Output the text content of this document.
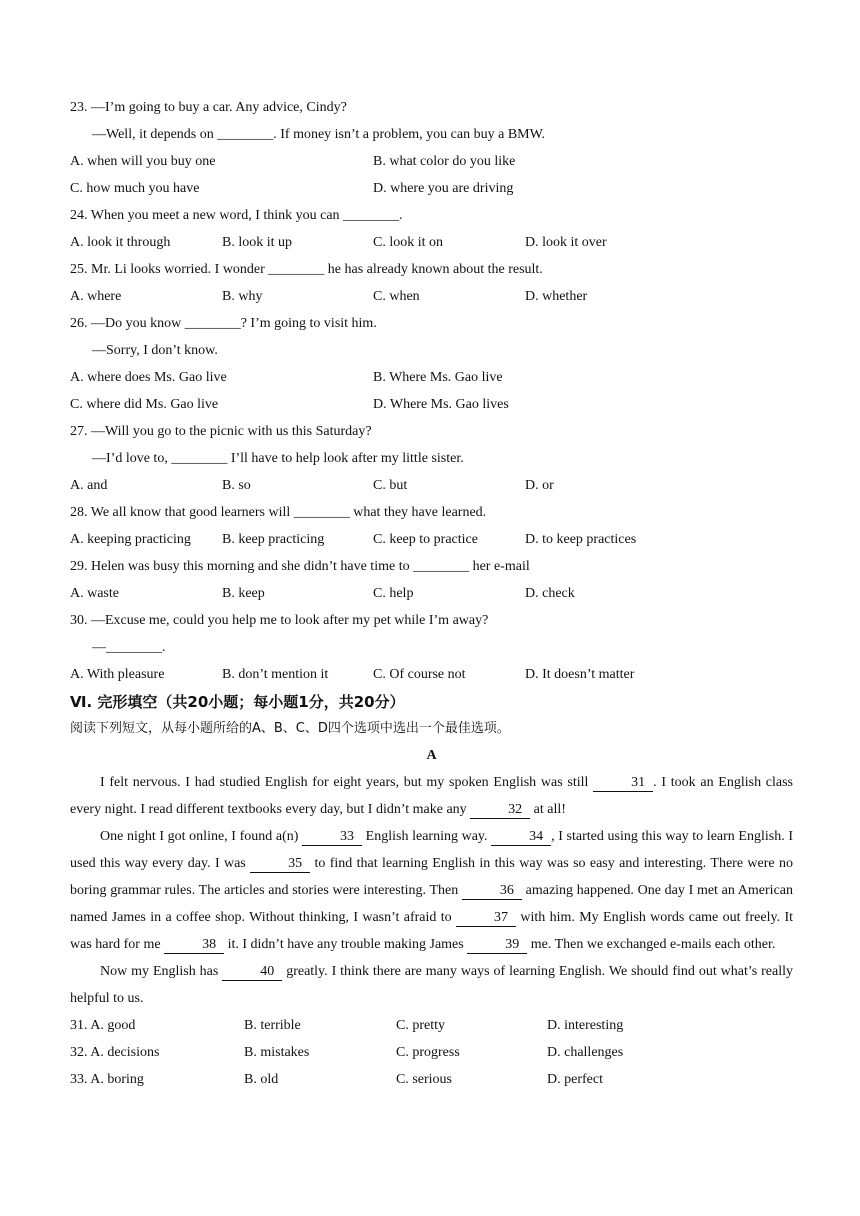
23. —I’m going to buy a car. Any advice, Cindy?
—Well, it depends on ________. If money isn’t a problem, you can buy a BMW.
A. when will you buy one	B. what color do you like
C. how much you have	D. where you are driving
24. When you meet a new word, I think you can ________.
A. look it through	B. look it up	C. look it on	D. look it over
25. Mr. Li looks worried. I wonder ________ he has already known about the result.
A. where	B. why	C. when	D. whether
26. —Do you know ________? I’m going to visit him.
—Sorry, I don’t know.
A. where does Ms. Gao live	B. Where Ms. Gao live
C. where did Ms. Gao live	D. Where Ms. Gao lives
27. —Will you go to the picnic with us this Saturday?
—I’d love to, ________ I’ll have to help look after my little sister.
A. and	B. so	C. but	D. or
28. We all know that good learners will ________ what they have learned.
A. keeping practicing B. keep practicing	C. keep to practice	D. to keep practices
29. Helen was busy this morning and she didn’t have time to ________ her e-mail
A. waste	B. keep	C. help	D. check
30. —Excuse me, could you help me to look after my pet while I’m away?
—________.
A. With pleasure	B. don’t mention it	C. Of course not	D. It doesn’t matter
Ⅵ. 完形填空（共20小题；每小题1分，共20分）
阅读下列短文，从每小题所给的A、B、C、D四个选项中选出一个最佳选项。
A

I felt nervous. I had studied English for eight years, but my spoken English was still	31 . I took an English class every night. I read different textbooks every day, but I didn’t make any	32 at all!

One night I got online, I found a(n)	33 English learning way.	34 , I started using this way to learn English. I used this way every day. I was	35 to find that learning English in this way was so easy and interesting. There were no boring grammar rules. The articles and stories were interesting. Then	36 amazing happened. One day I met an American named James in a coffee shop. Without thinking, I wasn’t afraid to	37 with him. My English words came out freely. It was hard for me	38 it. I didn’t have any trouble making James	39 me. Then we exchanged e-mails each other.

Now my English has	40 greatly. I think there are many ways of learning English. We should find out what’s really helpful to us.

31. A. good	B. terrible	C. pretty	D. interesting
32. A. decisions	B. mistakes	C. progress	D. challenges
33. A. boring	B. old	C. serious	D. perfect
